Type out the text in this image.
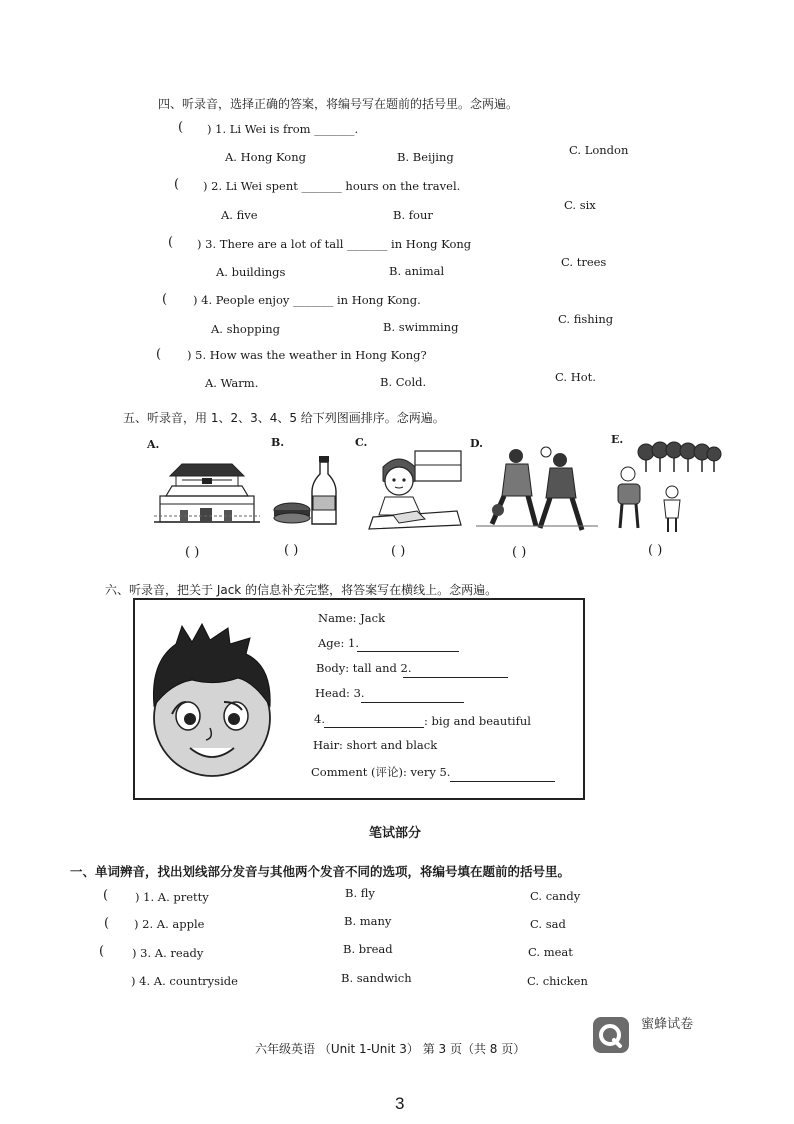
四、听录音，选择正确的答案，将编号写在题前的括号里。念两遍。
( ) 1. Li Wei is from _______.
A. Hong Kong	B. Beijing	C. London
( ) 2. Li Wei spent _______ hours on the travel.
A. five	B. four
C. six
( ) 3. There are a lot of tall _______ in Hong Kong
A. buildings	B. animal
C. trees
( ) 4. People enjoy _______ in Hong Kong.
A. shopping	B. swimming
C. fishing
( ) 5. How was the weather in Hong Kong?
A. Warm.	B. Cold.	C. Hot.
五、听录音，用 1、2、3、4、5 给下列图画排序。念两遍。
A.	B.	C.	D.	E.
( )	( )	( )	( )	( )
六、听录音，把关于 Jack 的信息补充完整，将答案写在横线上。念两遍。
Name: Jack
Age: 1.
Body: tall and 2.
Head: 3.
4.	: big and beautiful
Hair: short and black
Comment (评论): very 5.
笔试部分
一、单词辨音，找出划线部分发音与其他两个发音不同的选项，将编号填在题前的括号里。
( ) 1. A. pretty	B. fly	C. candy
( ) 2. A. apple	B. many	C. sad
( ) 3. A. ready	B. bread	C. meat
) 4. A. countryside	B. sandwich	C. chicken
六年级英语 （Unit 1-Unit 3） 第 3 页（共 8 页）
$^{蜜蜂试卷}$
3
